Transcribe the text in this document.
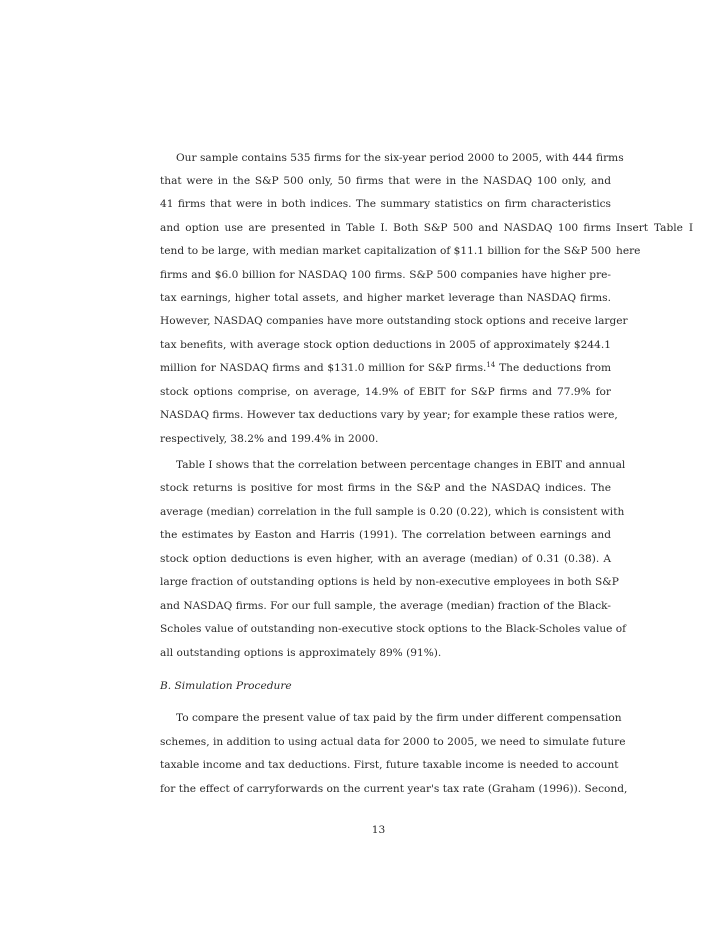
Our sample contains 535 firms for the six-year period 2000 to 2005, with 444 firms
that were in the S&P 500 only, 50 firms that were in the NASDAQ 100 only, and
41 firms that were in both indices. The summary statistics on firm characteristics
and option use are presented in Table I. Both S&P 500 and NASDAQ 100 firms
tend to be large, with median market capitalization of $11.1 billion for the S&P 500
firms and $6.0 billion for NASDAQ 100 firms. S&P 500 companies have higher pre-
tax earnings, higher total assets, and higher market leverage than NASDAQ firms.
However, NASDAQ companies have more outstanding stock options and receive larger
tax benefits, with average stock option deductions in 2005 of approximately $244.1
million for NASDAQ firms and $131.0 million for S&P firms.$^{14}$ The deductions from
stock options comprise, on average, 14.9% of EBIT for S&P firms and 77.9% for
NASDAQ firms. However tax deductions vary by year; for example these ratios were,
respectively, 38.2% and 199.4% in 2000.
Insert Table I
here
Table I shows that the correlation between percentage changes in EBIT and annual
stock returns is positive for most firms in the S&P and the NASDAQ indices. The
average (median) correlation in the full sample is 0.20 (0.22), which is consistent with
the estimates by Easton and Harris (1991). The correlation between earnings and
stock option deductions is even higher, with an average (median) of 0.31 (0.38). A
large fraction of outstanding options is held by non-executive employees in both S&P
and NASDAQ firms. For our full sample, the average (median) fraction of the Black-
Scholes value of outstanding non-executive stock options to the Black-Scholes value of
all outstanding options is approximately 89% (91%).
B. Simulation Procedure
To compare the present value of tax paid by the firm under different compensation
schemes, in addition to using actual data for 2000 to 2005, we need to simulate future
taxable income and tax deductions. First, future taxable income is needed to account
for the effect of carryforwards on the current year's tax rate (Graham (1996)). Second,
13
